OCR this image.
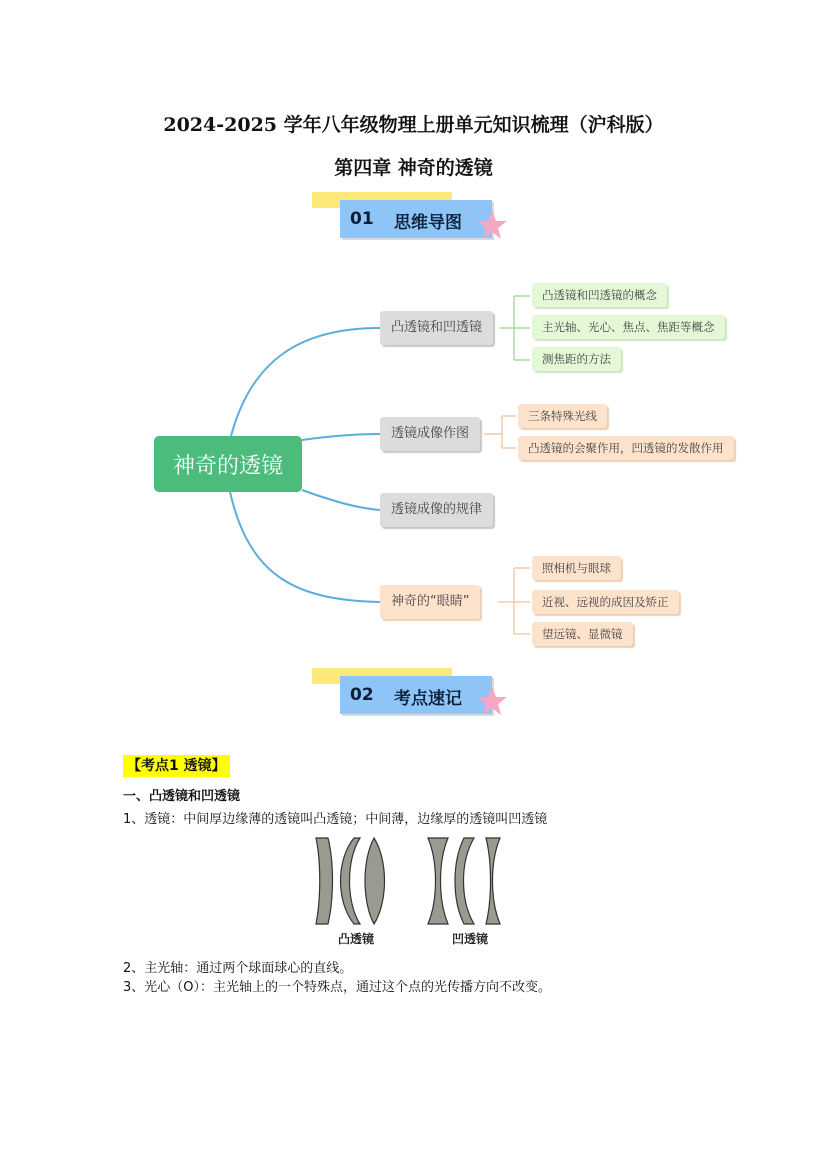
2024-2025 学年八年级物理上册单元知识梳理（沪科版）
第四章 神奇的透镜
01 思维导图
神奇的透镜
凸透镜和凹透镜
凸透镜和凹透镜的概念
主光轴、光心、焦点、焦距等概念
测焦距的方法
透镜成像作图
三条特殊光线
凸透镜的会聚作用，凹透镜的发散作用
透镜成像的规律
神奇的“眼睛”
照相机与眼球
近视、远视的成因及矫正
望远镜、显微镜
02 考点速记
【考点1 透镜】
一、凸透镜和凹透镜
1、透镜：中间厚边缘薄的透镜叫凸透镜；中间薄，边缘厚的透镜叫凹透镜
凸透镜	凹透镜
2、主光轴：通过两个球面球心的直线。
3、光心（O）：主光轴上的一个特殊点，通过这个点的光传播方向不改变。
